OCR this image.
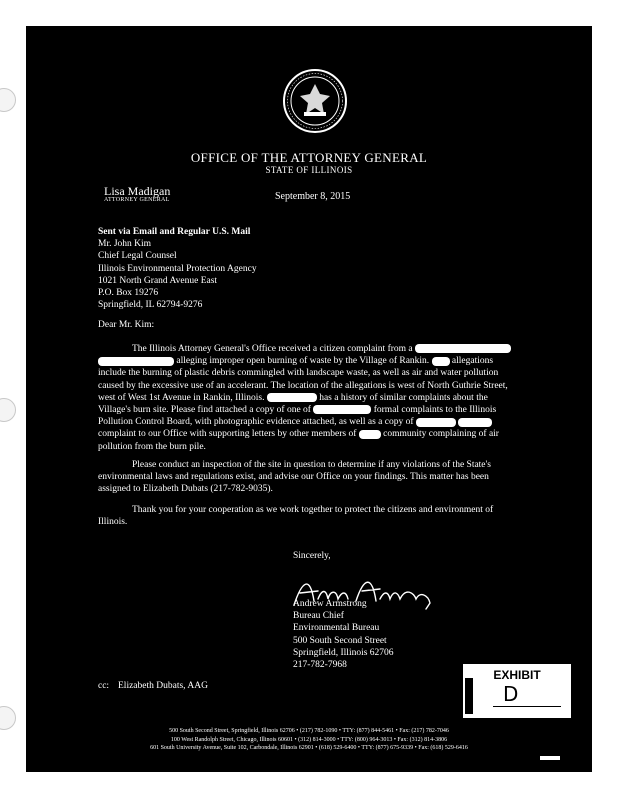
OFFICE OF THE ATTORNEY GENERAL
STATE OF ILLINOIS
Lisa Madigan
ATTORNEY GENERAL	September 8, 2015
Sent via Email and Regular U.S. Mail
Mr. John Kim
Chief Legal Counsel
Illinois Environmental Protection Agency
1021 North Grand Avenue East
P.O. Box 19276
Springfield, IL 62794-9276
Dear Mr. Kim:

The Illinois Attorney General's Office received a citizen complaint from a   alleging improper open burning of waste by the Village of Rankin. allegations include the burning of plastic debris commingled with landscape waste, as well as air and water pollution caused by the excessive use of an accelerant. The location of the allegations is west of North Guthrie Street, west of West 1st Avenue in Rankin, Illinois.	has a history of similar complaints about the Village's burn site. Please find attached a copy of one of	formal complaints to the Illinois Pollution Control Board, with photographic evidence attached, as well as a copy of   complaint to our Office with supporting letters by other members of	community complaining of air pollution from the burn pile.

Please conduct an inspection of the site in question to determine if any violations of the State's environmental laws and regulations exist, and advise our Office on your findings. This matter has been assigned to Elizabeth Dubats (217-782-9035).

Thank you for your cooperation as we work together to protect the citizens and environment of Illinois.

Sincerely,
Andrew Armstrong
Bureau Chief
Environmental Bureau
500 South Second Street
Springfield, Illinois 62706
217-782-7968
cc: Elizabeth Dubats, AAG
EXHIBIT
D
500 South Second Street, Springfield, Illinois 62706 • (217) 782-1090 • TTY: (877) 844-5461 • Fax: (217) 782-7046
100 West Randolph Street, Chicago, Illinois 60601 • (312) 814-3000 • TTY: (800) 964-3013 • Fax: (312) 814-3806
601 South University Avenue, Suite 102, Carbondale, Illinois 62901 • (618) 529-6400 • TTY: (877) 675-9339 • Fax: (618) 529-6416
